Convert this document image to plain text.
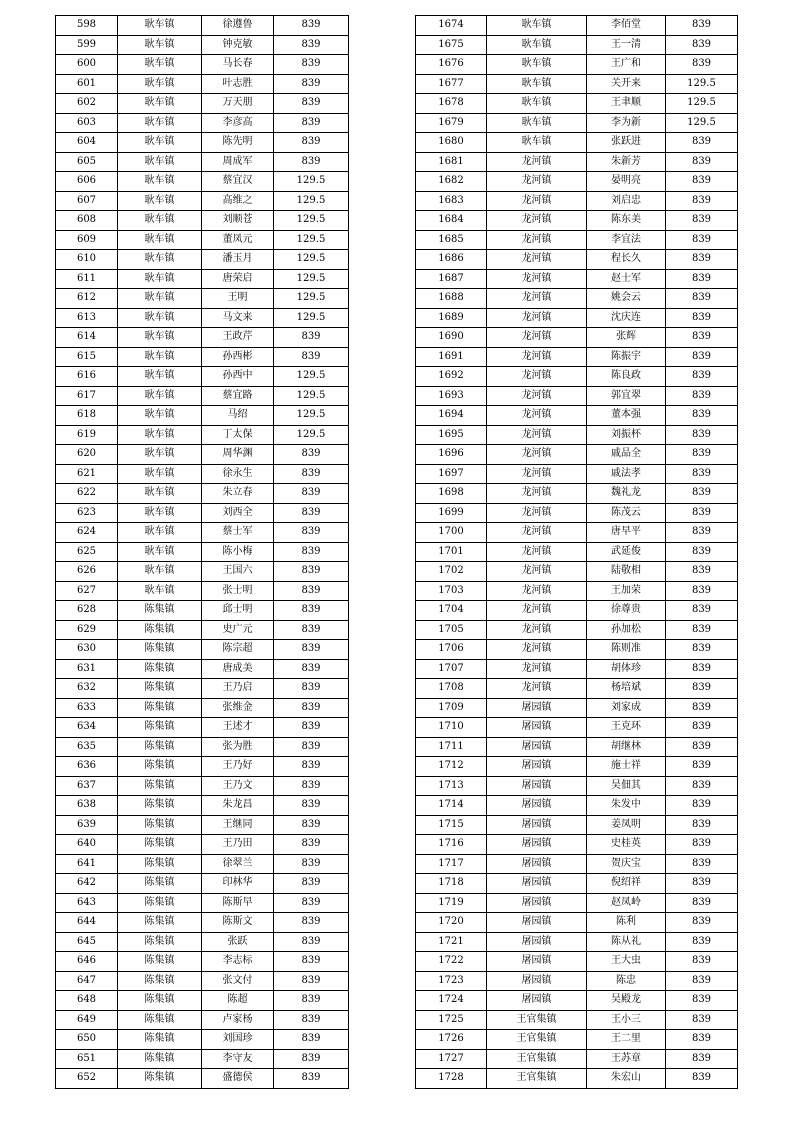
598	耿车镇	徐遵鲁	839
599	耿车镇	钟克敏	839
600	耿车镇	马长春	839
601	耿车镇	叶志胜	839
602	耿车镇	万天朋	839
603	耿车镇	李彦高	839
604	耿车镇	陈先明	839
605	耿车镇	周成军	839
606	耿车镇	蔡宜汉	129.5
607	耿车镇	高维之	129.5
608	耿车镇	刘顺苍	129.5
609	耿车镇	董凤元	129.5
610	耿车镇	潘玉月	129.5
611	耿车镇	唐荣启	129.5
612	耿车镇	王明	129.5
613	耿车镇	马文来	129.5
614	耿车镇	王政芹	839
615	耿车镇	孙西彬	839
616	耿车镇	孙西中	129.5
617	耿车镇	蔡宜路	129.5
618	耿车镇	马绍	129.5
619	耿车镇	丁太保	129.5
620	耿车镇	周华渊	839
621	耿车镇	徐永生	839
622	耿车镇	朱立春	839
623	耿车镇	刘西全	839
624	耿车镇	蔡士军	839
625	耿车镇	陈小梅	839
626	耿车镇	王国六	839
627	耿车镇	张士明	839
628	陈集镇	邱士明	839
629	陈集镇	史广元	839
630	陈集镇	陈宗超	839
631	陈集镇	唐成美	839
632	陈集镇	王乃启	839
633	陈集镇	张维金	839
634	陈集镇	王述才	839
635	陈集镇	张为胜	839
636	陈集镇	王乃好	839
637	陈集镇	王乃文	839
638	陈集镇	朱龙昌	839
639	陈集镇	王继同	839
640	陈集镇	王乃田	839
641	陈集镇	徐翠兰	839
642	陈集镇	印林华	839
643	陈集镇	陈斯早	839
644	陈集镇	陈斯文	839
645	陈集镇	张跃	839
646	陈集镇	李志标	839
647	陈集镇	张文付	839
648	陈集镇	陈超	839
649	陈集镇	卢家杨	839
650	陈集镇	刘国珍	839
651	陈集镇	李守友	839
652	陈集镇	盛德侯	839
1674	耿车镇	李佰堂	839
1675	耿车镇	王一清	839
1676	耿车镇	王广和	839
1677	耿车镇	关开来	129.5
1678	耿车镇	王聿顺	129.5
1679	耿车镇	李为新	129.5
1680	耿车镇	张跃进	839
1681	龙河镇	朱新芳	839
1682	龙河镇	晏明亮	839
1683	龙河镇	刘启忠	839
1684	龙河镇	陈东美	839
1685	龙河镇	李宜法	839
1686	龙河镇	程长久	839
1687	龙河镇	赵士军	839
1688	龙河镇	姚会云	839
1689	龙河镇	沈庆连	839
1690	龙河镇	张辉	839
1691	龙河镇	陈振宇	839
1692	龙河镇	陈良政	839
1693	龙河镇	郭宜翠	839
1694	龙河镇	董本强	839
1695	龙河镇	刘振杯	839
1696	龙河镇	戚品全	839
1697	龙河镇	戚法孝	839
1698	龙河镇	魏礼龙	839
1699	龙河镇	陈茂云	839
1700	龙河镇	唐早平	839
1701	龙河镇	武延俊	839
1702	龙河镇	陆敬相	839
1703	龙河镇	王加荣	839
1704	龙河镇	徐尊贵	839
1705	龙河镇	孙加松	839
1706	龙河镇	陈则准	839
1707	龙河镇	胡体珍	839
1708	龙河镇	杨培斌	839
1709	屠园镇	刘家成	839
1710	屠园镇	王克环	839
1711	屠园镇	胡继林	839
1712	屠园镇	施士祥	839
1713	屠园镇	吴佃其	839
1714	屠园镇	朱发中	839
1715	屠园镇	姜凤明	839
1716	屠园镇	史桂英	839
1717	屠园镇	贺庆宝	839
1718	屠园镇	倪绍祥	839
1719	屠园镇	赵凤岭	839
1720	屠园镇	陈利	839
1721	屠园镇	陈从礼	839
1722	屠园镇	王大虫	839
1723	屠园镇	陈忠	839
1724	屠园镇	吴殿龙	839
1725	王官集镇	王小三	839
1726	王官集镇	王二里	839
1727	王官集镇	王苏章	839
1728	王官集镇	朱宏山	839
